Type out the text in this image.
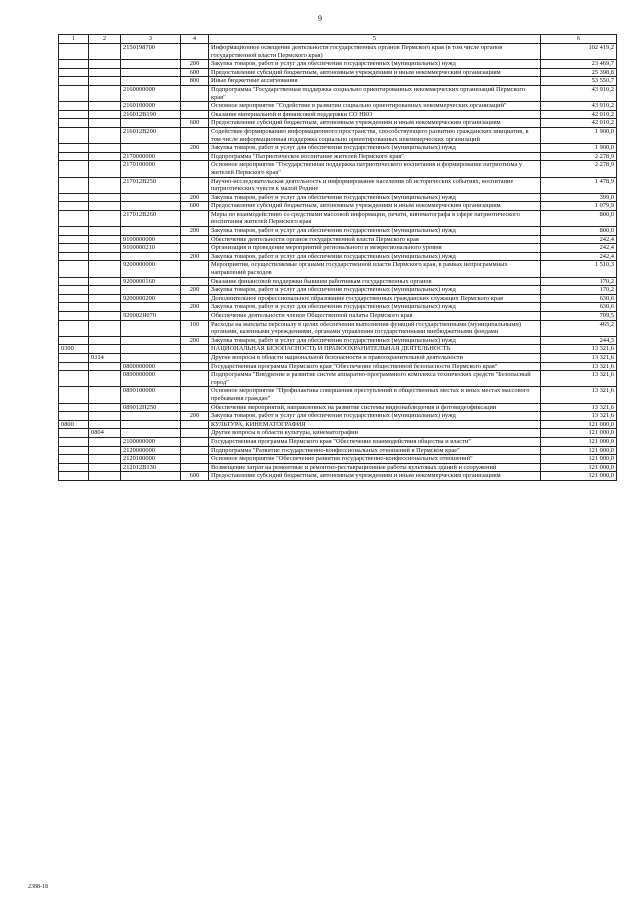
9
1	2	3	4	5	6
		2150198700		Информационное освещение деятельности государственных органов Пермского края (в том числе органов государственной власти Пермского края)	102 419,2
			200	Закупка товаров, работ и услуг для обеспечения государственных (муниципальных) нужд	23 469,7
			600	Предоставление субсидий бюджетным, автономным учреждениям и иным некоммерческим организациям	25 398,8
			800	Иные бюджетные ассигнования	53 550,7
		2160000000		Подпрограмма "Государственная поддержка социально ориентированных некоммерческих организаций Пермского края"	43 910,2
		2160100000		Основное мероприятие "Содействие в развитии социально ориентированных некоммерческих организаций"	43 910,2
		216012В190		Оказание материальной и финансовой поддержки СО НКО	42 010,2
			600	Предоставление субсидий бюджетным, автономным учреждениям и иным некоммерческим организациям	42 010,2
		216012В200		Содействие формированию информационного пространства, способствующего развитию гражданских инициатив, в том числе информационная поддержка социально ориентированных некоммерческих организаций	1 900,0
			200	Закупка товаров, работ и услуг для обеспечения государственных (муниципальных) нужд	1 900,0
		2170000000		Подпрограмма "Патриотическое воспитание жителей Пермского края"	2 278,9
		2170100000		Основное мероприятие "Государственная поддержка патриотического воспитания и формирование патриотизма у жителей Пермского края"	2 278,9
		217012В250		Научно-исследовательская деятельность и информирование населения об исторических событиях, воспитание патриотических чувств к малой Родине	1 478,9
			200	Закупка товаров, работ и услуг для обеспечения государственных (муниципальных) нужд	399,0
			600	Предоставление субсидий бюджетным, автономным учреждениям и иным некоммерческим организациям	1 079,9
		217012В260		Меры по взаимодействию со средствами массовой информации, печати, кинематографа в сфере патриотического воспитания жителей Пермского края	800,0
			200	Закупка товаров, работ и услуг для обеспечения государственных (муниципальных) нужд	800,0
		9100000000		Обеспечение деятельности органов государственной власти Пермского края	242,4
		9100000210		Организация и проведение мероприятий регионального и межрегионального уровня	242,4
			200	Закупка товаров, работ и услуг для обеспечения государственных (муниципальных) нужд	242,4
		9200000000		Мероприятия, осуществляемые органами государственной власти Пермского края, в рамках непрограммных направлений расходов	1 510,3
		9200000160		Оказание финансовой поддержки бывшим работникам государственных органов	170,2
			200	Закупка товаров, работ и услуг для обеспечения государственных (муниципальных) нужд	170,2
		9200000200		Дополнительное профессиональное образование государственных гражданских служащих Пермского края	630,6
			200	Закупка товаров, работ и услуг для обеспечения государственных (муниципальных) нужд	630,6
		920002Я070		Обеспечение деятельности членов Общественной палаты Пермского края	709,5
			100	Расходы на выплаты персоналу в целях обеспечения выполнения функций государственными (муниципальными) органами, казенными учреждениями, органами управления государственными внебюджетными фондами	465,2
			200	Закупка товаров, работ и услуг для обеспечения государственных (муниципальных) нужд	244,3
0300				НАЦИОНАЛЬНАЯ БЕЗОПАСНОСТЬ И ПРАВООХРАНИТЕЛЬНАЯ ДЕЯТЕЛЬНОСТЬ	13 321,6
	0314			Другие вопросы в области национальной безопасности и правоохранительной деятельности	13 321,6
		0800000000		Государственная программа Пермского края "Обеспечение общественной безопасности Пермского края"	13 321,6
		0890000000		Подпрограмма "Внедрение и развитие систем аппаратно-программного комплекса технических средств "Безопасный город"	13 321,6
		0890100000		Основное мероприятие "Профилактика совершения преступлений в общественных местах и иных местах массового пребывания граждан"	13 321,6
		089012П250		Обеспечение мероприятий, направленных на развитие системы видеонаблюдения и фотовидеофиксации	13 321,6
			200	Закупка товаров, работ и услуг для обеспечения государственных (муниципальных) нужд	13 321,6
0800				КУЛЬТУРА, КИНЕМАТОГРАФИЯ	121 000,0
	0804			Другие вопросы в области культуры, кинематографии	121 000,0
		2100000000		Государственная программа Пермского края "Обеспечение взаимодействия общества и власти"	121 000,0
		2120000000		Подпрограмма "Развитие государственно-конфессиональных отношений в Пермском крае"	121 000,0
		2120100000		Основное мероприятие "Обеспечение развития государственно-конфессиональных отношений"	121 000,0
		212012В130		Возмещение затрат на ремонтные и ремонтно-реставрационные работы культовых зданий и сооружений	121 000,0
			600	Предоставление субсидий бюджетным, автономным учреждениям и иным некоммерческим организациям	121 000,0
2388-18
